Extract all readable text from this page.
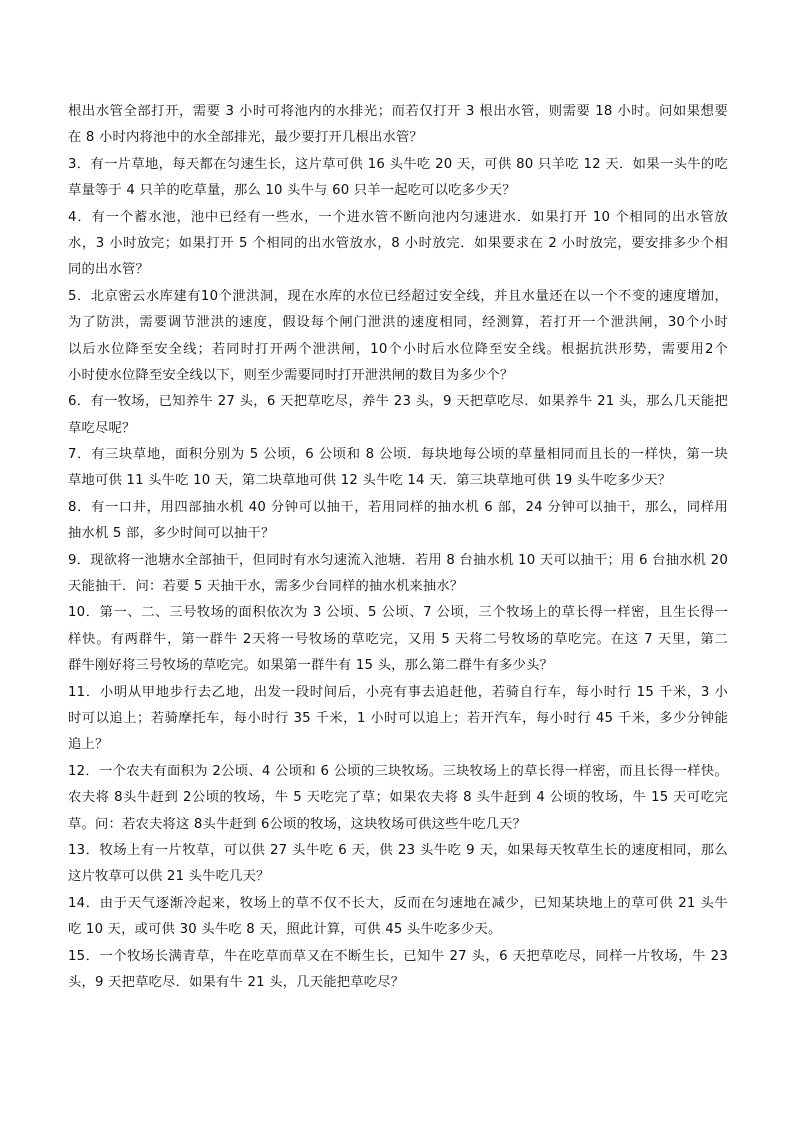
根出水管全部打开，需要 3 小时可将池内的水排光；而若仅打开 3 根出水管，则需要 18 小时。问如果想要
在 8 小时内将池中的水全部排光，最少要打开几根出水管？
3．有一片草地，每天都在匀速生长，这片草可供 16 头牛吃 20 天，可供 80 只羊吃 12 天．如果一头牛的吃
草量等于 4 只羊的吃草量，那么 10 头牛与 60 只羊一起吃可以吃多少天？
4．有一个蓄水池，池中已经有一些水，一个进水管不断向池内匀速进水．如果打开 10 个相同的出水管放
水，3 小时放完；如果打开 5 个相同的出水管放水，8 小时放完．如果要求在 2 小时放完，要安排多少个相
同的出水管？
5．北京密云水库建有10个泄洪洞，现在水库的水位已经超过安全线，并且水量还在以一个不变的速度增加，
为了防洪，需要调节泄洪的速度，假设每个闸门泄洪的速度相同，经测算，若打开一个泄洪闸，30个小时
以后水位降至安全线；若同时打开两个泄洪闸，10个小时后水位降至安全线。根据抗洪形势，需要用2个
小时使水位降至安全线以下，则至少需要同时打开泄洪闸的数目为多少个？
6．有一牧场，已知养牛 27 头，6 天把草吃尽，养牛 23 头，9 天把草吃尽．如果养牛 21 头，那么几天能把
草吃尽呢？
7．有三块草地，面积分别为 5 公顷，6 公顷和 8 公顷．每块地每公顷的草量相同而且长的一样快，第一块
草地可供 11 头牛吃 10 天，第二块草地可供 12 头牛吃 14 天．第三块草地可供 19 头牛吃多少天？
8．有一口井，用四部抽水机 40 分钟可以抽干，若用同样的抽水机 6 部，24 分钟可以抽干，那么，同样用
抽水机 5 部，多少时间可以抽干？
9．现欲将一池塘水全部抽干，但同时有水匀速流入池塘．若用 8 台抽水机 10 天可以抽干；用 6 台抽水机 20
天能抽干．问：若要 5 天抽干水，需多少台同样的抽水机来抽水？
10．第一、二、三号牧场的面积依次为 3 公顷、5 公顷、7 公顷，三个牧场上的草长得一样密，且生长得一
样快。有两群牛，第一群牛 2天将一号牧场的草吃完，又用 5 天将二号牧场的草吃完。在这 7 天里，第二
群牛刚好将三号牧场的草吃完。如果第一群牛有 15 头，那么第二群牛有多少头？
11．小明从甲地步行去乙地，出发一段时间后，小亮有事去追赶他，若骑自行车，每小时行 15 千米，3 小
时可以追上；若骑摩托车，每小时行 35 千米，1 小时可以追上；若开汽车，每小时行 45 千米，多少分钟能
追上？
12．一个农夫有面积为 2公顷、4 公顷和 6 公顷的三块牧场。三块牧场上的草长得一样密，而且长得一样快。
农夫将 8头牛赶到 2公顷的牧场，牛 5 天吃完了草；如果农夫将 8 头牛赶到 4 公顷的牧场，牛 15 天可吃完
草。问：若农夫将这 8头牛赶到 6公顷的牧场，这块牧场可供这些牛吃几天？
13．牧场上有一片牧草，可以供 27 头牛吃 6 天，供 23 头牛吃 9 天，如果每天牧草生长的速度相同，那么
这片牧草可以供 21 头牛吃几天？
14．由于天气逐渐冷起来，牧场上的草不仅不长大，反而在匀速地在减少，已知某块地上的草可供 21 头牛
吃 10 天，或可供 30 头牛吃 8 天，照此计算，可供 45 头牛吃多少天。
15．一个牧场长满青草，牛在吃草而草又在不断生长，已知牛 27 头，6 天把草吃尽，同样一片牧场，牛 23
头，9 天把草吃尽．如果有牛 21 头，几天能把草吃尽？
